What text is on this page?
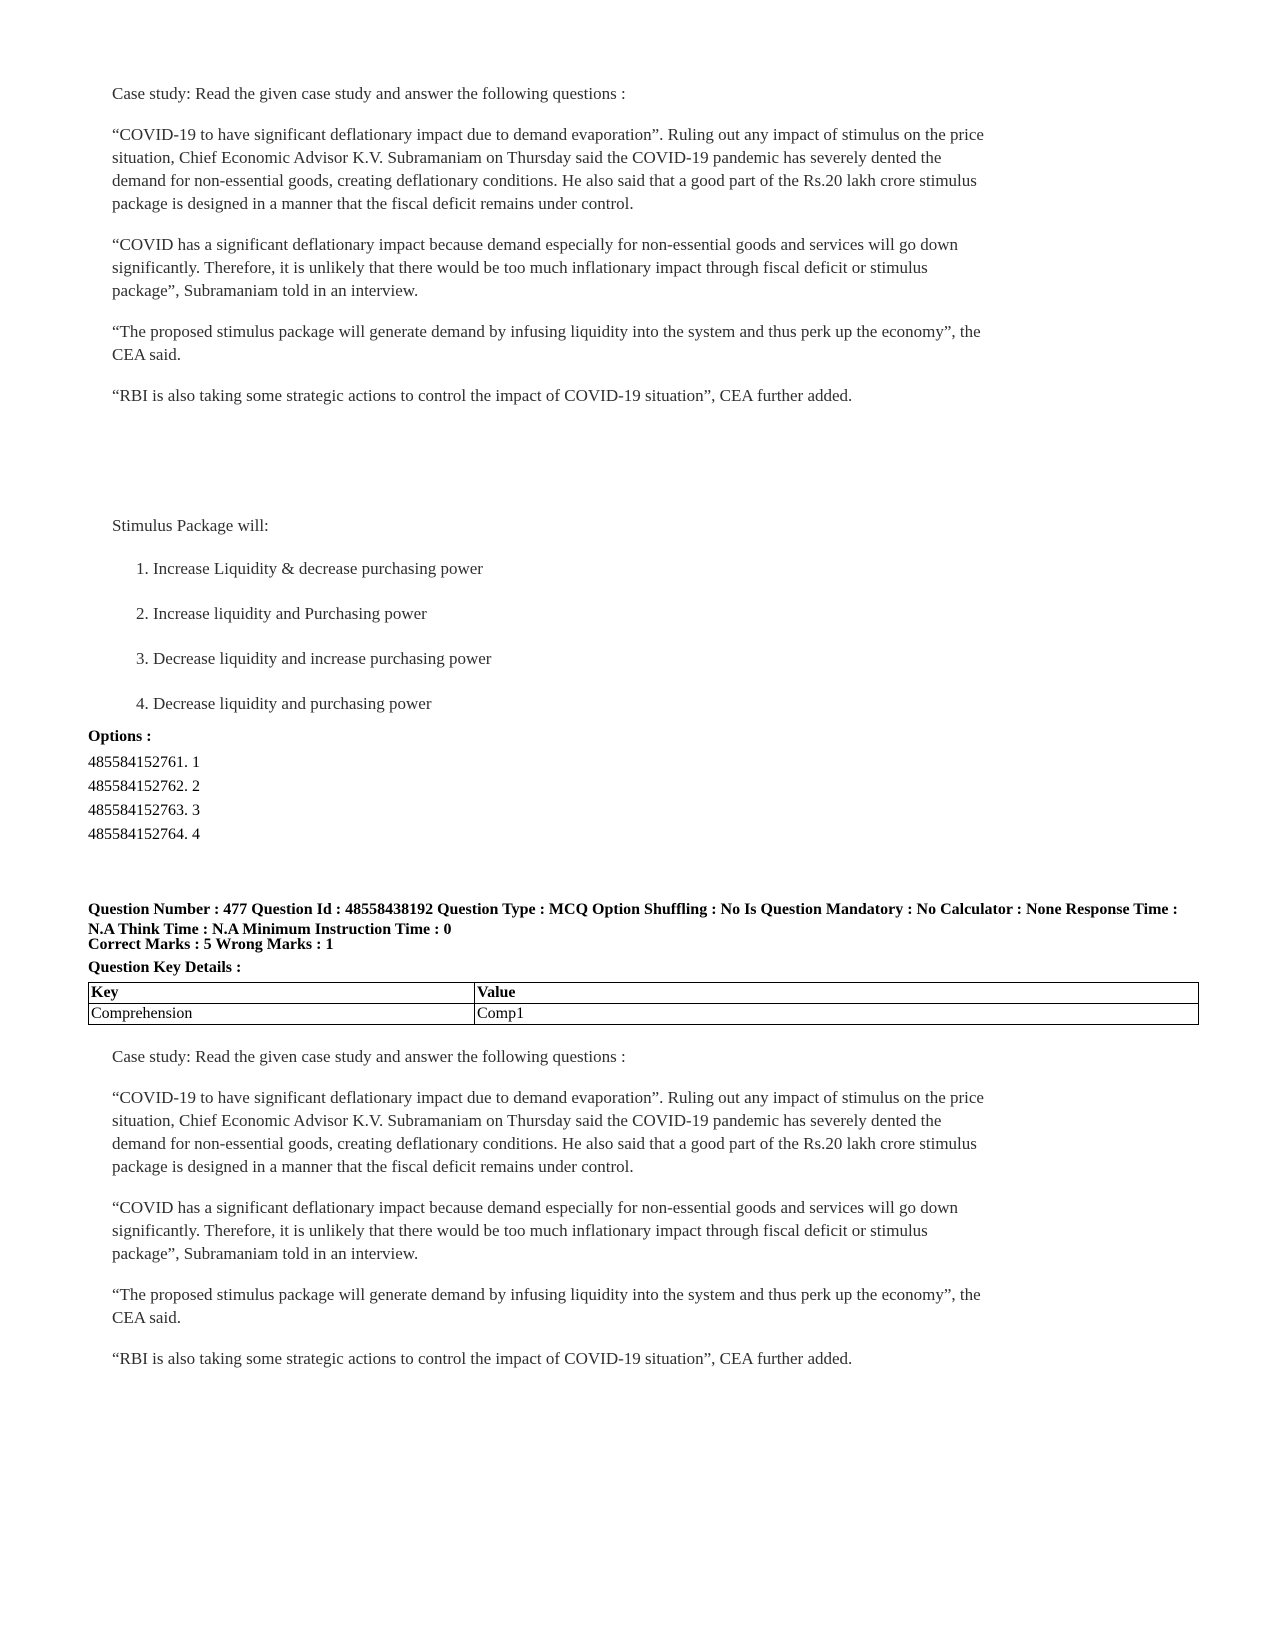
Case study: Read the given case study and answer the following questions :

“COVID-19 to have significant deflationary impact due to demand evaporation”. Ruling out any impact of stimulus on the price situation, Chief Economic Advisor K.V. Subramaniam on Thursday said the COVID-19 pandemic has severely dented the demand for non-essential goods, creating deflationary conditions. He also said that a good part of the Rs.20 lakh crore stimulus package is designed in a manner that the fiscal deficit remains under control.

“COVID has a significant deflationary impact because demand especially for non-essential goods and services will go down significantly. Therefore, it is unlikely that there would be too much inflationary impact through fiscal deficit or stimulus package”, Subramaniam told in an interview.

“The proposed stimulus package will generate demand by infusing liquidity into the system and thus perk up the economy”, the CEA said.

“RBI is also taking some strategic actions to control the impact of COVID-19 situation”, CEA further added.

Stimulus Package will:
1. Increase Liquidity & decrease purchasing power
2. Increase liquidity and Purchasing power
3. Decrease liquidity and increase purchasing power
4. Decrease liquidity and purchasing power
Options :
485584152761. 1
485584152762. 2
485584152763. 3
485584152764. 4
Question Number : 477 Question Id : 48558438192 Question Type : MCQ Option Shuffling : No Is Question Mandatory : No Calculator : None Response Time : N.A Think Time : N.A Minimum Instruction Time : 0
Correct Marks : 5 Wrong Marks : 1
Question Key Details :
Key	Value
Comprehension	Comp1

Case study: Read the given case study and answer the following questions :

“COVID-19 to have significant deflationary impact due to demand evaporation”. Ruling out any impact of stimulus on the price situation, Chief Economic Advisor K.V. Subramaniam on Thursday said the COVID-19 pandemic has severely dented the demand for non-essential goods, creating deflationary conditions. He also said that a good part of the Rs.20 lakh crore stimulus package is designed in a manner that the fiscal deficit remains under control.

“COVID has a significant deflationary impact because demand especially for non-essential goods and services will go down significantly. Therefore, it is unlikely that there would be too much inflationary impact through fiscal deficit or stimulus package”, Subramaniam told in an interview.

“The proposed stimulus package will generate demand by infusing liquidity into the system and thus perk up the economy”, the CEA said.

“RBI is also taking some strategic actions to control the impact of COVID-19 situation”, CEA further added.
